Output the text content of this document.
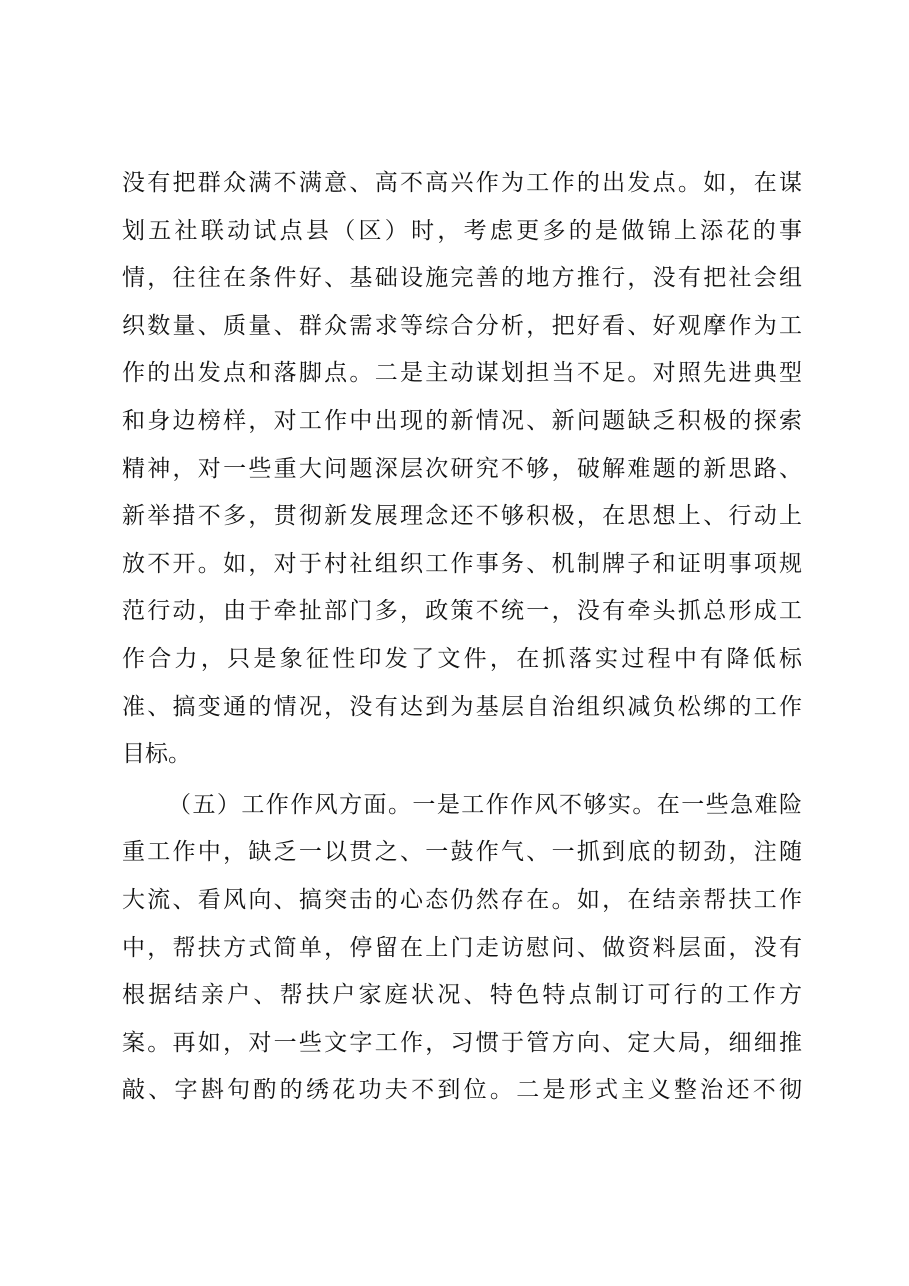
没有把群众满不满意、高不高兴作为工作的出发点。如，在谋
划五社联动试点县（区）时，考虑更多的是做锦上添花的事
情，往往在条件好、基础设施完善的地方推行，没有把社会组
织数量、质量、群众需求等综合分析，把好看、好观摩作为工
作的出发点和落脚点。二是主动谋划担当不足。对照先进典型
和身边榜样，对工作中出现的新情况、新问题缺乏积极的探索
精神，对一些重大问题深层次研究不够，破解难题的新思路、
新举措不多，贯彻新发展理念还不够积极，在思想上、行动上
放不开。如，对于村社组织工作事务、机制牌子和证明事项规
范行动，由于牵扯部门多，政策不统一，没有牵头抓总形成工
作合力，只是象征性印发了文件，在抓落实过程中有降低标
准、搞变通的情况，没有达到为基层自治组织减负松绑的工作
目标。
（五）工作作风方面。一是工作作风不够实。在一些急难险
重工作中，缺乏一以贯之、一鼓作气、一抓到底的韧劲，注随
大流、看风向、搞突击的心态仍然存在。如，在结亲帮扶工作
中，帮扶方式简单，停留在上门走访慰问、做资料层面，没有
根据结亲户、帮扶户家庭状况、特色特点制订可行的工作方
案。再如，对一些文字工作，习惯于管方向、定大局，细细推
敲、字斟句酌的绣花功夫不到位。二是形式主义整治还不彻
